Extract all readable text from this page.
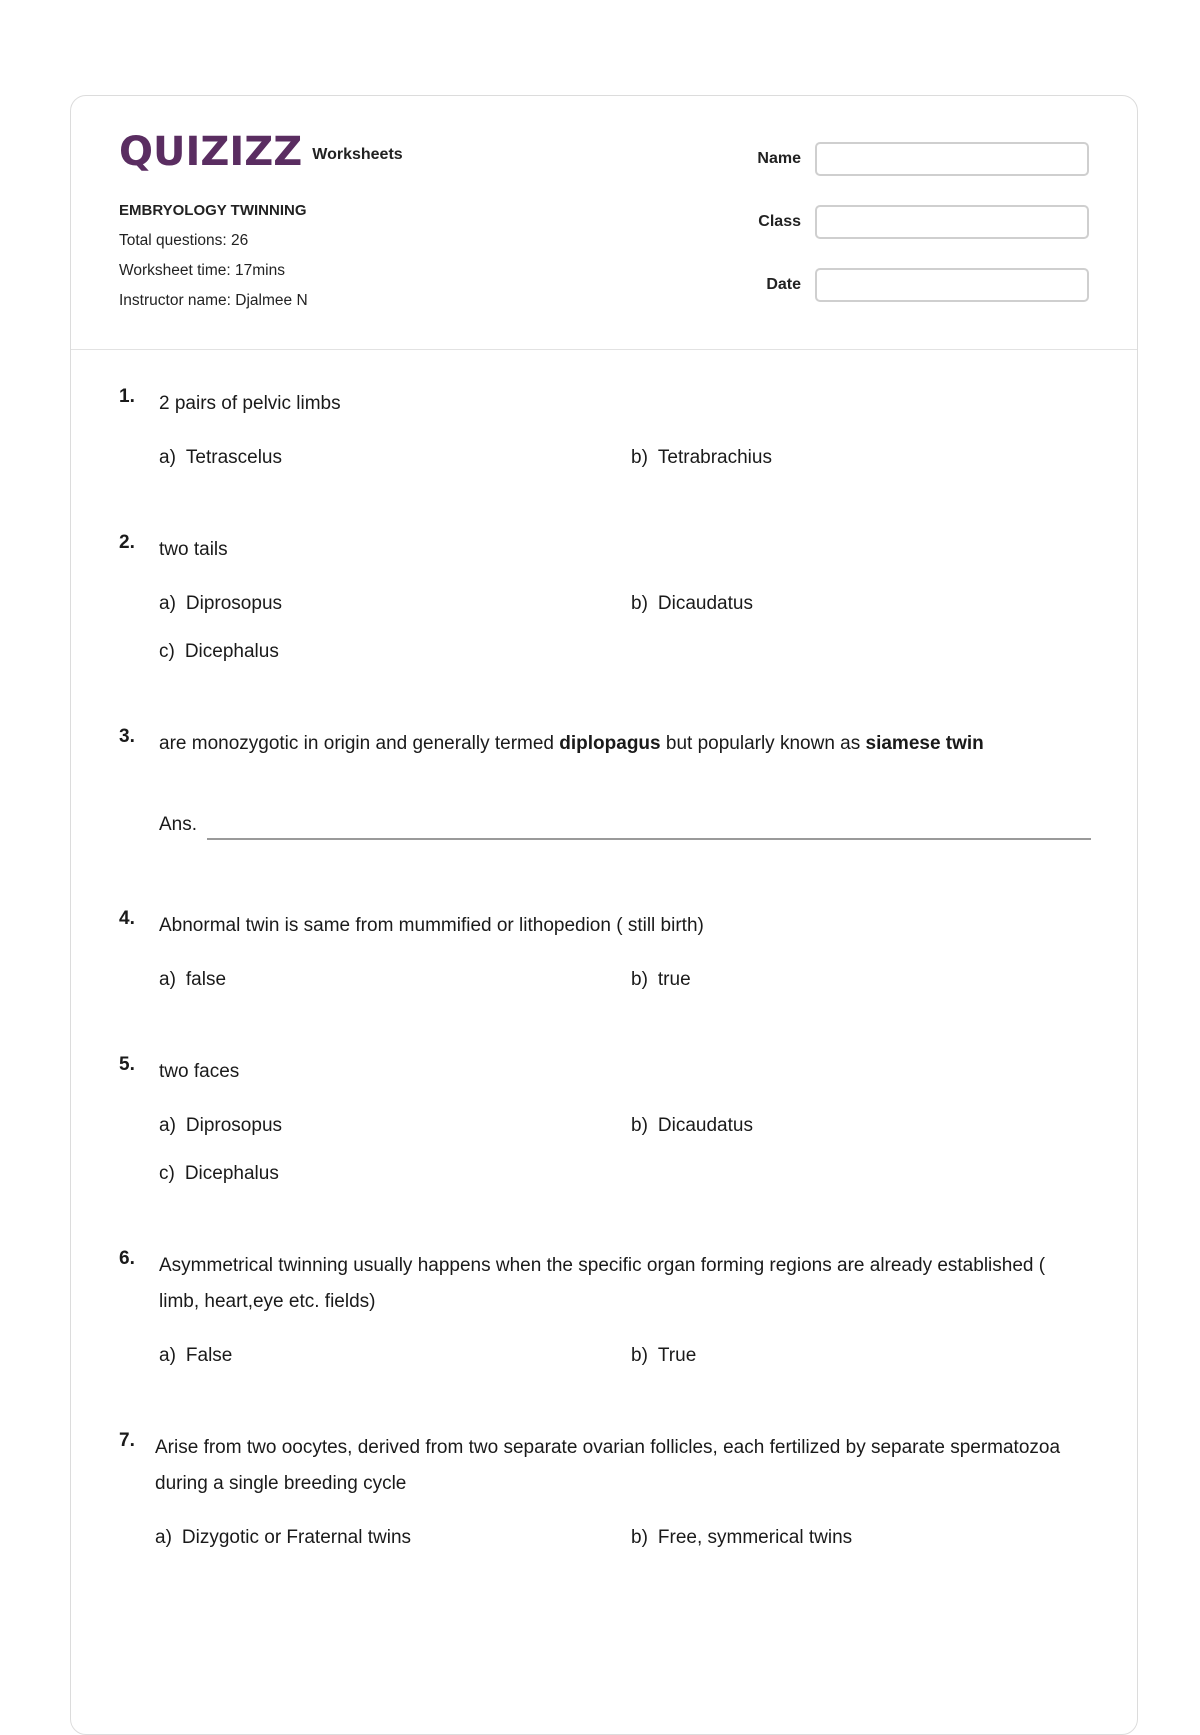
QUIZIZZ Worksheets
EMBRYOLOGY TWINNING
Total questions: 26
Worksheet time: 17mins
Instructor name: Djalmee N
Name
Class
Date
1. 2 pairs of pelvic limbs
a) Tetrascelus	b) Tetrabrachius
2. two tails
a) Diprosopus	b) Dicaudatus
c) Dicephalus
3. are monozygotic in origin and generally termed diplopagus but popularly known as siamese twin
Ans.
4. Abnormal twin is same from mummified or lithopedion ( still birth)
a) false	b) true
5. two faces
a) Diprosopus	b) Dicaudatus
c) Dicephalus
6. Asymmetrical twinning usually happens when the specific organ forming regions are already established ( limb, heart,eye etc. fields)
a) False	b) True
7. Arise from two oocytes, derived from two separate ovarian follicles, each fertilized by separate spermatozoa during a single breeding cycle
a) Dizygotic or Fraternal twins	b) Free, symmerical twins
